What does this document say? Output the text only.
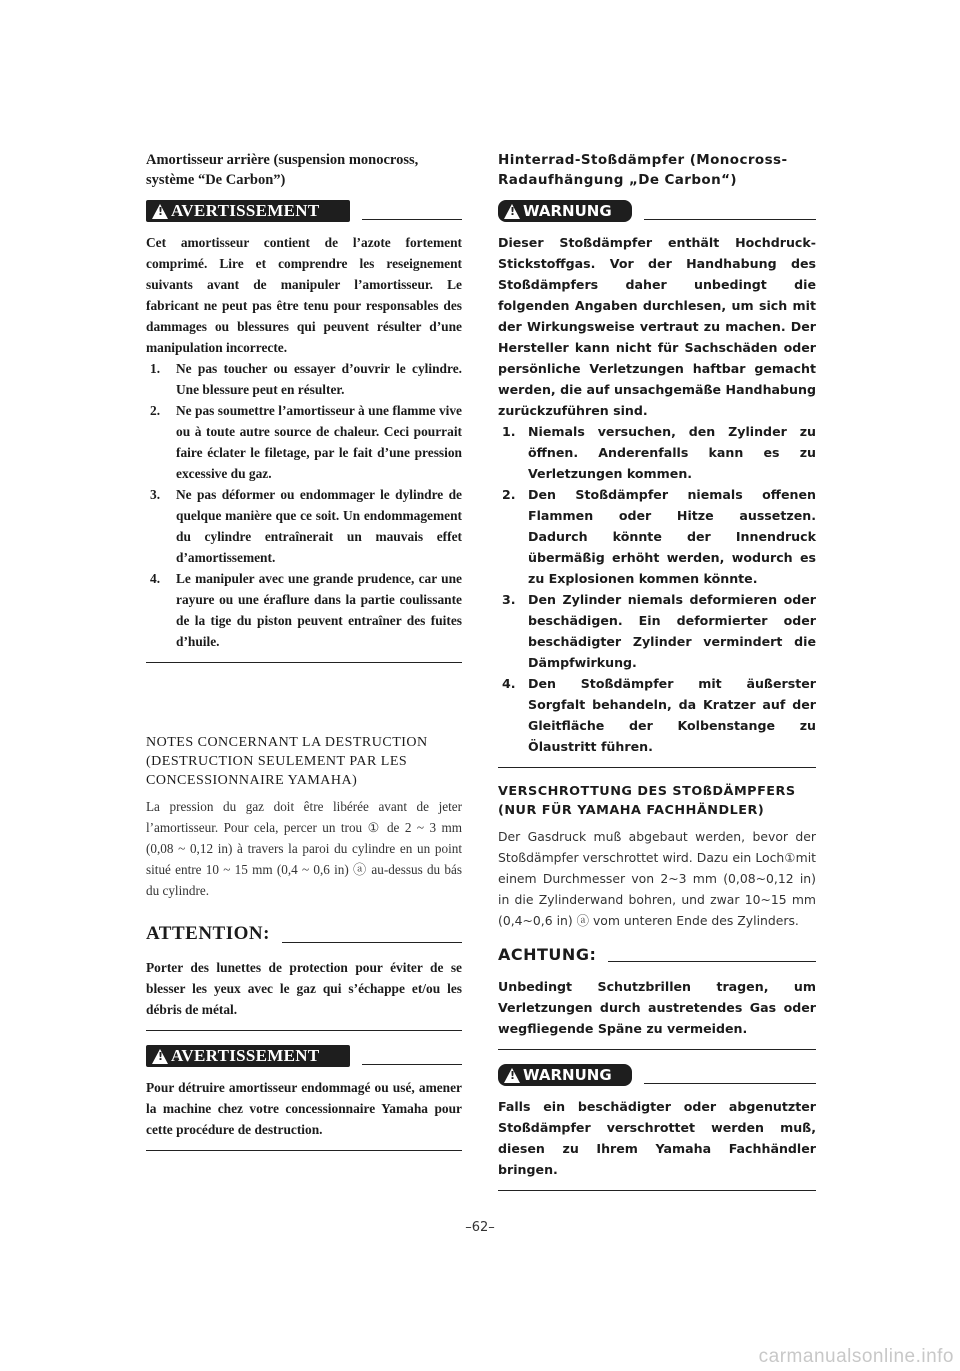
Amortisseur arrière (suspension monocross, système “De Carbon”)
!
AVERTISSEMENT

Cet amortisseur contient de l’azote fortement comprimé. Lire et comprendre les reseignement suivants avant de manipuler l’amortisseur. Le fabricant ne peut pas être tenu pour responsables des dammages ou blessures qui peuvent résulter d’une manipulation incorrecte.

1.	Ne pas toucher ou essayer d’ouvrir le cylindre. Une blessure peut en résulter.
2.	Ne pas soumettre l’amortisseur à une flamme vive ou à toute autre source de chaleur. Ceci pourrait faire éclater le filetage, par le fait d’une pression excessive du gaz.
3.	Ne pas déformer ou endommager le dylindre de quelque manière que ce soit. Un endommagement du cylindre entraînerait un mauvais effet d’amortissement.
4.	Le manipuler avec une grande prudence, car une rayure ou une éraflure dans la partie coulissante de la tige du piston peuvent entraîner des fuites d’huile.
NOTES CONCERNANT LA DESTRUCTION (DESTRUCTION SEULEMENT PAR LES CONCESSIONNAIRE YAMAHA)

La pression du gaz doit être libérée avant de jeter l’amortisseur. Pour cela, percer un trou ① de 2 ~ 3 mm (0,08 ~ 0,12 in) à travers la paroi du cylindre en un point situé entre 10 ~ 15 mm (0,4 ~ 0,6 in) ⓐ au-dessus du bás du cylindre.

ATTENTION:

Porter des lunettes de protection pour éviter de se blesser les yeux avec le gaz qui s’échappe et/ou les débris de métal.

!
AVERTISSEMENT

Pour détruire amortisseur endommagé ou usé, amener la machine chez votre concessionnaire Yamaha pour cette procédure de destruction.

Hinterrad-Stoßdämpfer (Monocross-Radaufhängung „De Carbon“)
!
WARNUNG

Dieser Stoßdämpfer enthält Hochdruck-Stickstoffgas. Vor der Handhabung des Stoßdämpfers daher unbedingt die folgenden Angaben durchlesen, um sich mit der Wirkungsweise vertraut zu machen. Der Hersteller kann nicht für Sachschäden oder persönliche Verletzungen haftbar gemacht werden, die auf unsachgemäße Handhabung zurückzuführen sind.

1. Niemals versuchen, den Zylinder zu öffnen. Anderenfalls kann es zu Verletzungen kommen.
2. Den Stoßdämpfer niemals offenen Flammen oder Hitze aussetzen. Dadurch könnte der Innendruck übermäßig erhöht werden, wodurch es zu Explosionen kommen könnte.
3. Den Zylinder niemals deformieren oder beschädigen. Ein deformierter oder beschädigter Zylinder vermindert die Dämpfwirkung.
4. Den Stoßdämpfer mit äußerster Sorgfalt behandeln, da Kratzer auf der Gleitfläche der Kolbenstange zu Ölaustritt führen.
VERSCHROTTUNG DES STOßDÄMPFERS (NUR FÜR YAMAHA FACHHÄNDLER)

Der Gasdruck muß abgebaut werden, bevor der Stoßdämpfer verschrottet wird. Dazu ein Loch①mit einem Durchmesser von 2~3 mm (0,08~0,12 in) in die Zylinderwand bohren, und zwar 10~15 mm (0,4~0,6 in) ⓐ vom unteren Ende des Zylinders.

ACHTUNG:

Unbedingt Schutzbrillen tragen, um Verletzungen durch austretendes Gas oder wegfliegende Späne zu vermeiden.

!
WARNUNG

Falls ein beschädigter oder abgenutzter Stoßdämpfer verschrottet werden muß, diesen zu Ihrem Yamaha Fachhändler bringen.

–62–
carmanualsonline.info
